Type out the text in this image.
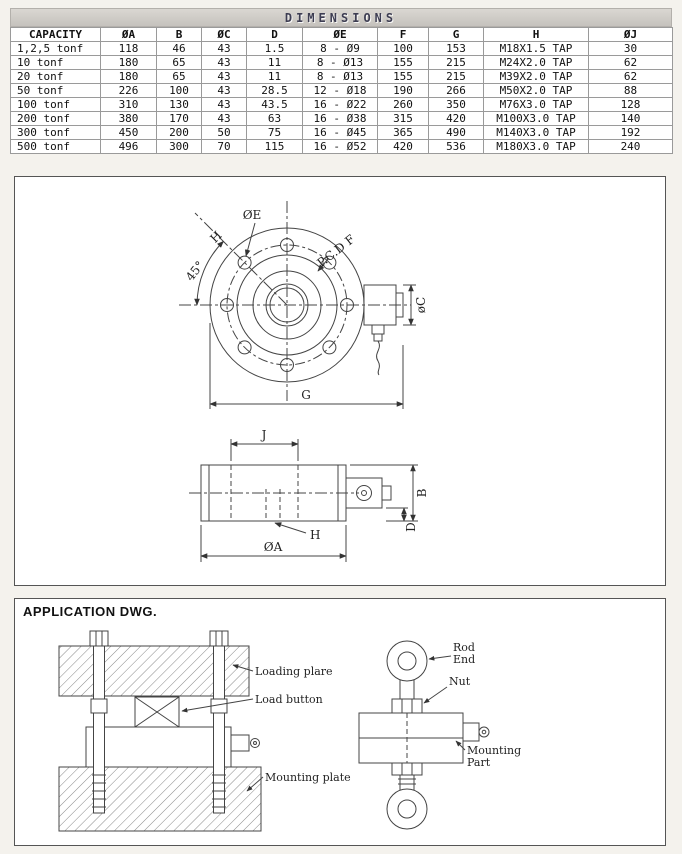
DIMENSIONS
CAPACITY	ØA	B	ØC	D	ØE	F	G	H	ØJ
1,2,5 tonf	118	46	43	1.5	8 - Ø9	100	153	M18X1.5 TAP	30
10 tonf	180	65	43	11	8 - Ø13	155	215	M24X2.0 TAP	62
20 tonf	180	65	43	11	8 - Ø13	155	215	M39X2.0 TAP	62
50 tonf	226	100	43	28.5	12 - Ø18	190	266	M50X2.0 TAP	88
100 tonf	310	130	43	43.5	16 - Ø22	260	350	M76X3.0 TAP	128
200 tonf	380	170	43	63	16 - Ø38	315	420	M100X3.0 TAP	140
300 tonf	450	200	50	75	16 - Ø45	365	490	M140X3.0 TAP	192
500 tonf	496	300	70	115	16 - Ø52	420	536	M180X3.0 TAP	240
ØE
P.C.D F
H
45°
øC
G
J
B
D
H
ØA
APPLICATION DWG.
Loading plare
Load button
Mounting plate
Rod
End
Nut
Mounting
Part
